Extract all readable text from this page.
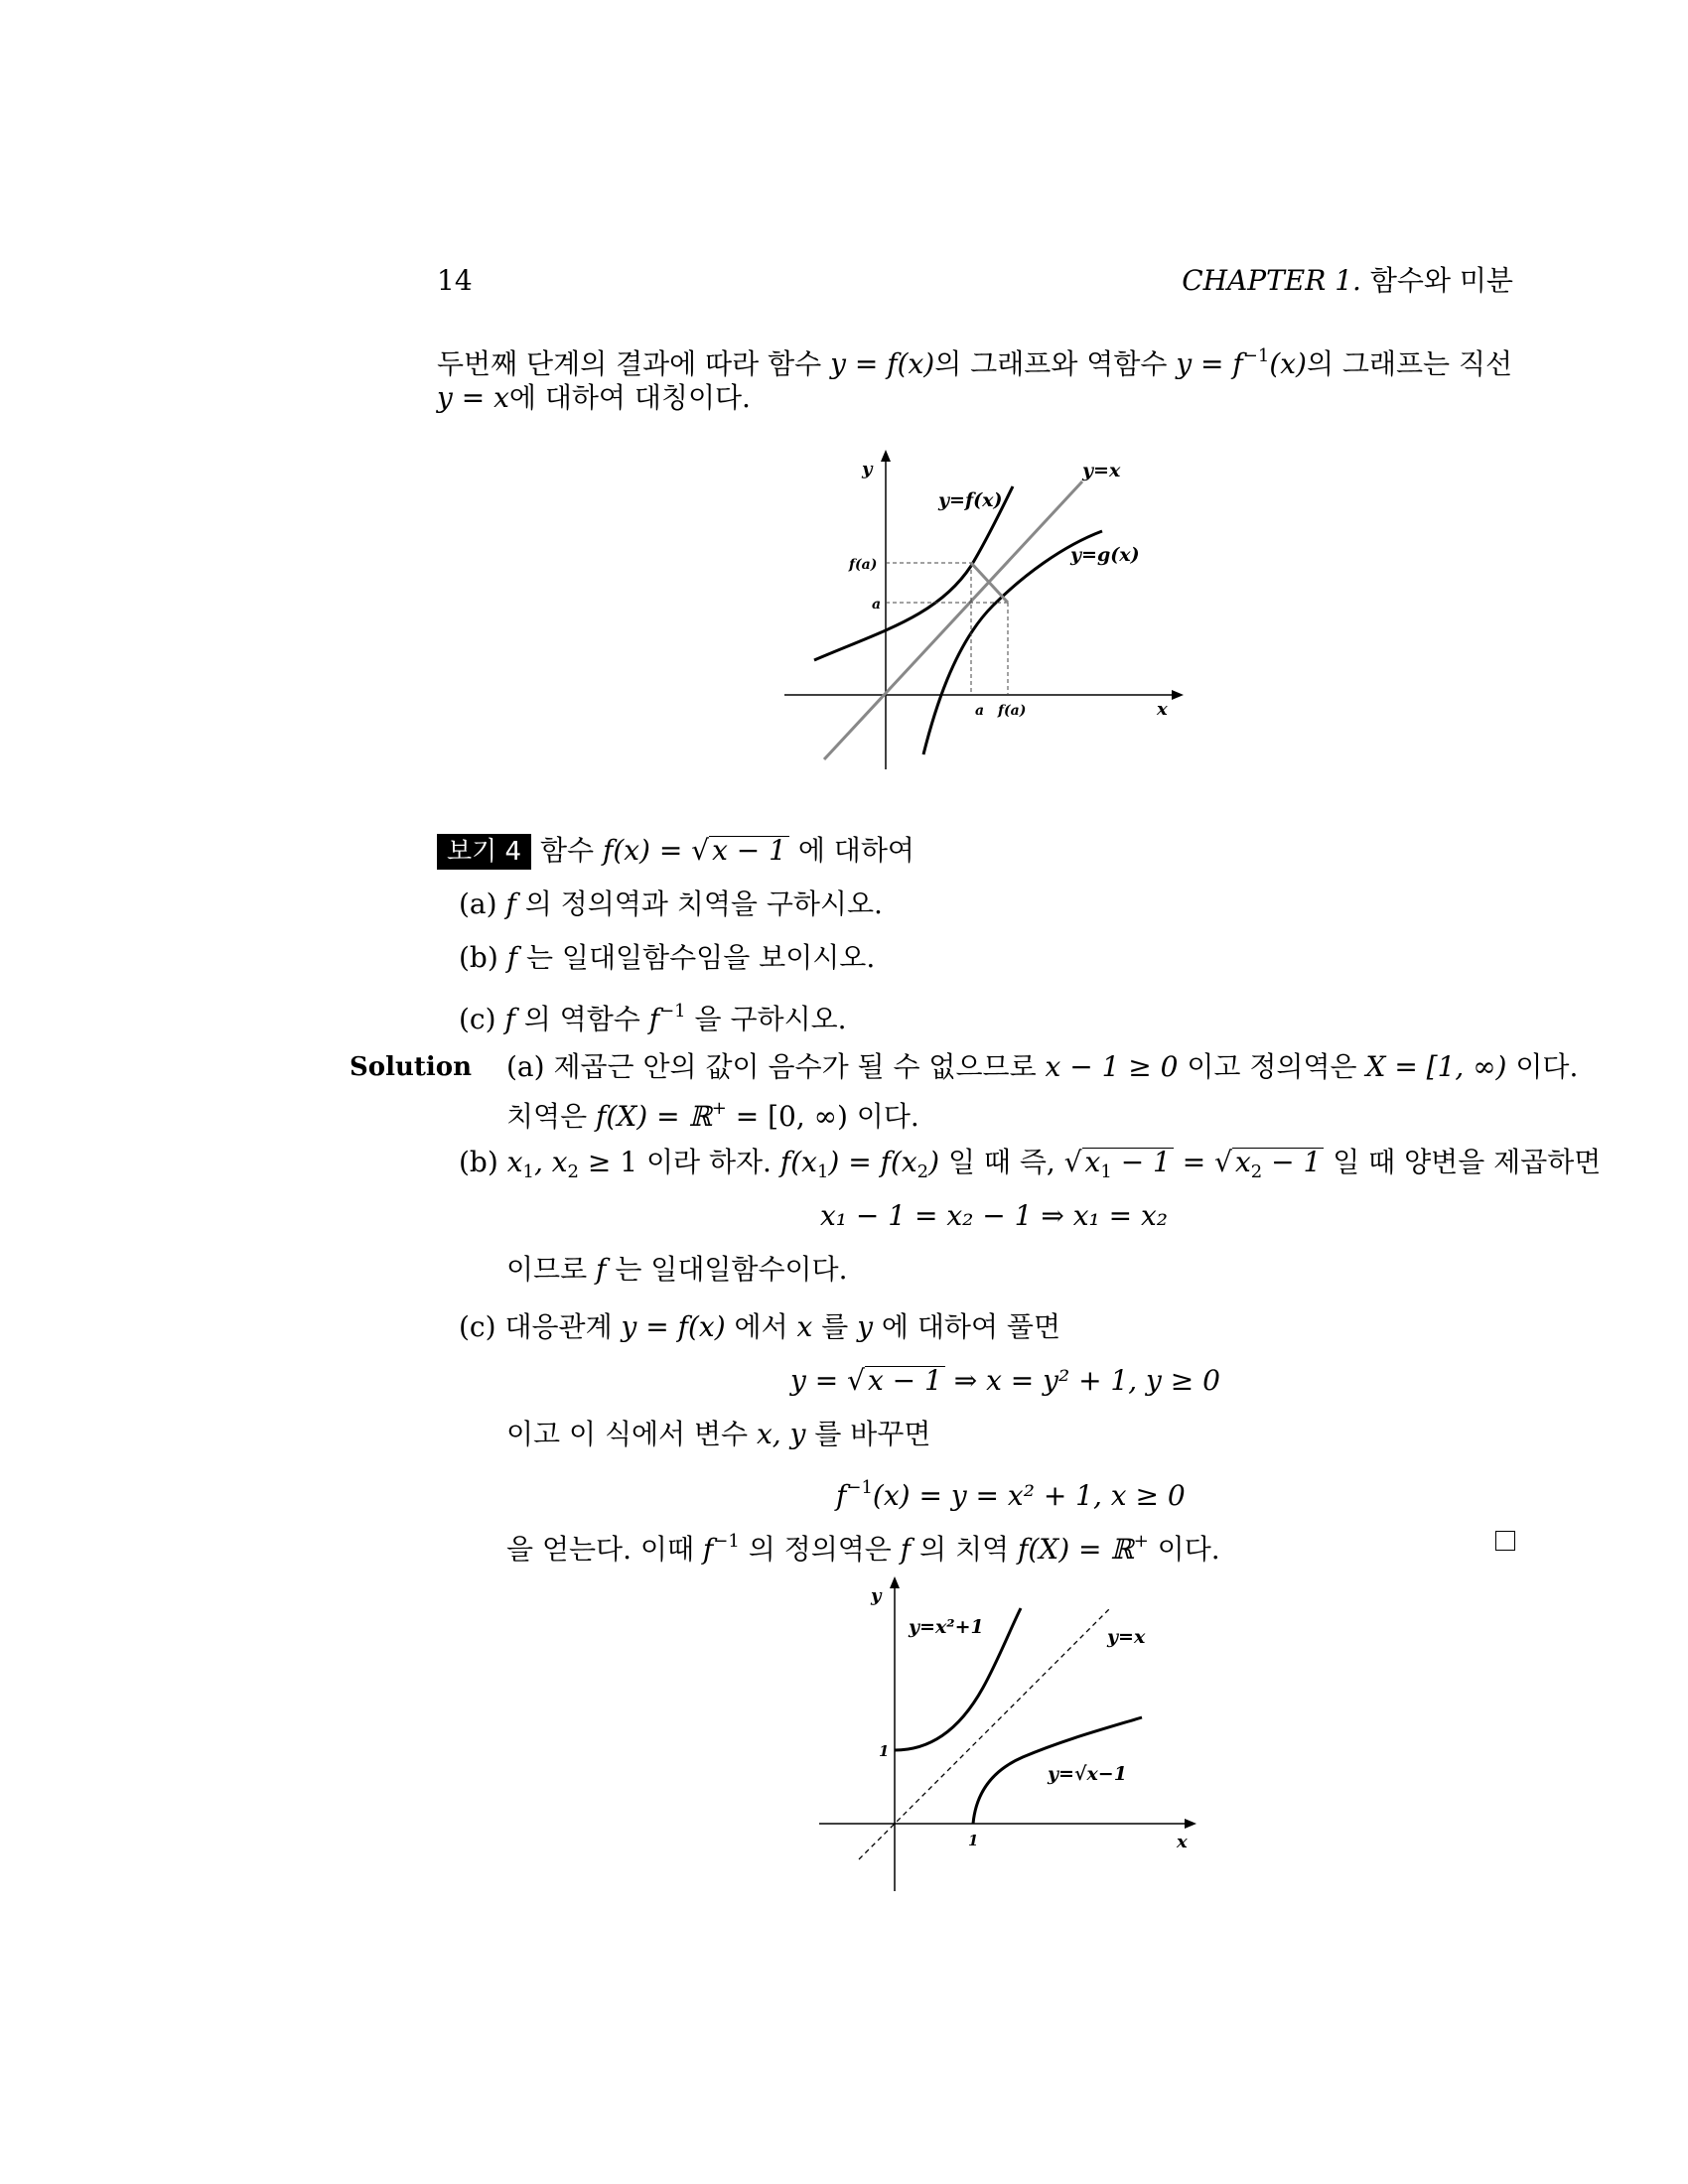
14	CHAPTER 1. 함수와 미분
두번째 단계의 결과에 따라 함수 y = f(x)의 그래프와 역함수 $y = f^{-1}(x)$의 그래프는 직선
y = x에 대하여 대칭이다.
y
x
y=f(x)
y=x
y=g(x)
f(a)
a
a f(a)
보기 4 함수 f(x) = √ x − 1 에 대하여
(a) f 의 정의역과 치역을 구하시오.
(b) f 는 일대일함수임을 보이시오.
(c) f 의 역함수 $f^{-1}$ 을 구하시오.
Solution (a) 제곱근 안의 값이 음수가 될 수 없으므로 x − 1 ≥ 0 이고 정의역은 X = [1, ∞) 이다.
치역은 f(X) = ℝ+ = [0, ∞) 이다.
(b) $x_1$, $x_2 \ge 1$ 이라 하자. $f(x_1) = f(x_2)$ 일 때 즉, √ $x_1 - 1$ = √ $x_2 - 1$ 일 때 양변을 제곱하면
x₁ − 1 = x₂ − 1 ⇒ x₁ = x₂
이므로 f 는 일대일함수이다.
(c) 대응관계 y = f(x) 에서 x 를 y 에 대하여 풀면
y = √ x − 1 ⇒ x = y² + 1, y ≥ 0
이고 이 식에서 변수 x, y 를 바꾸면
$f^{-1}(x) = y = x^2 + 1$, x ≥ 0
을 얻는다. 이때 $f^{-1}$ 의 정의역은 f 의 치역 f(X) = ℝ+ 이다.
y
x
y=x²+1	y=x
y=√x−1
1
1
